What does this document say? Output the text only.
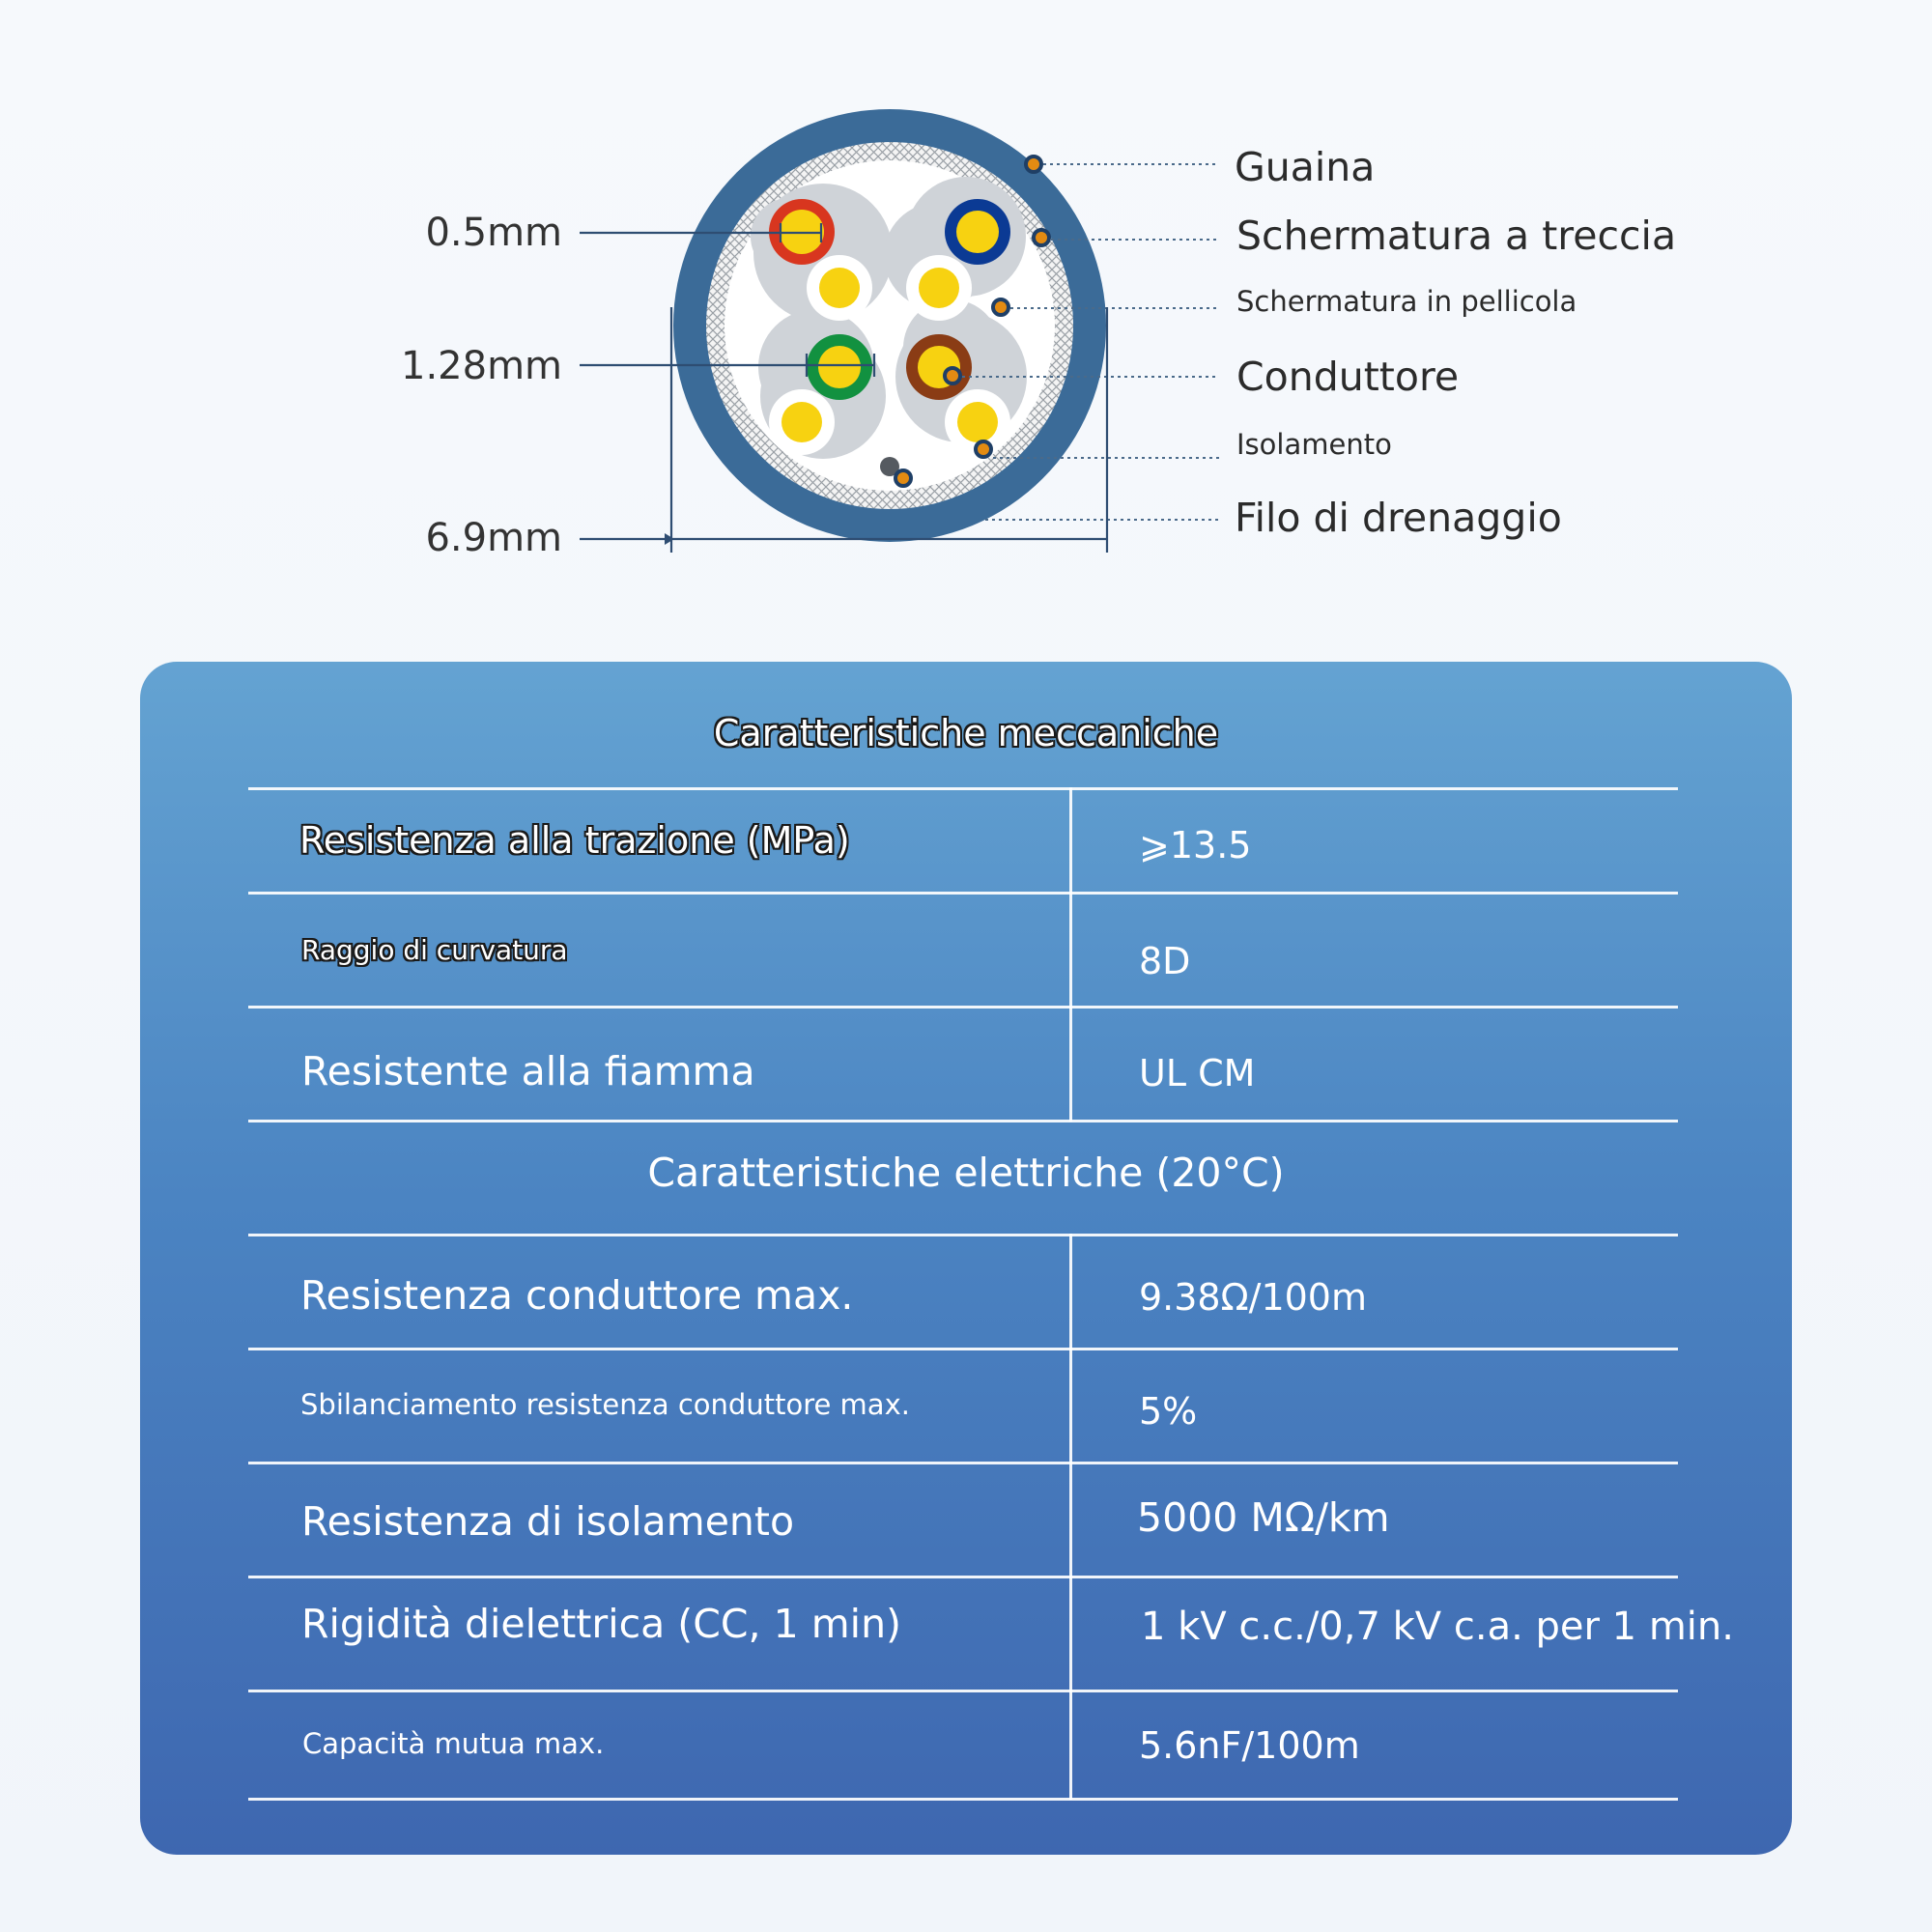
0.5mm
1.28mm
6.9mm
Guaina
Schermatura a treccia
Schermatura in pellicola
Conduttore
Isolamento
Filo di drenaggio
Caratteristiche meccaniche
Resistenza alla trazione (MPa)	⩾13.5
Raggio di curvatura	8D
Resistente alla fiamma	UL CM
Caratteristiche elettriche (20°C)
Resistenza conduttore max.	9.38Ω/100m
Sbilanciamento resistenza conduttore max.	5%
Resistenza di isolamento	5000 MΩ/km
Rigidità dielettrica (CC, 1 min)	1 kV c.c./0,7 kV c.a. per 1 min.
Capacità mutua max.	5.6nF/100m
